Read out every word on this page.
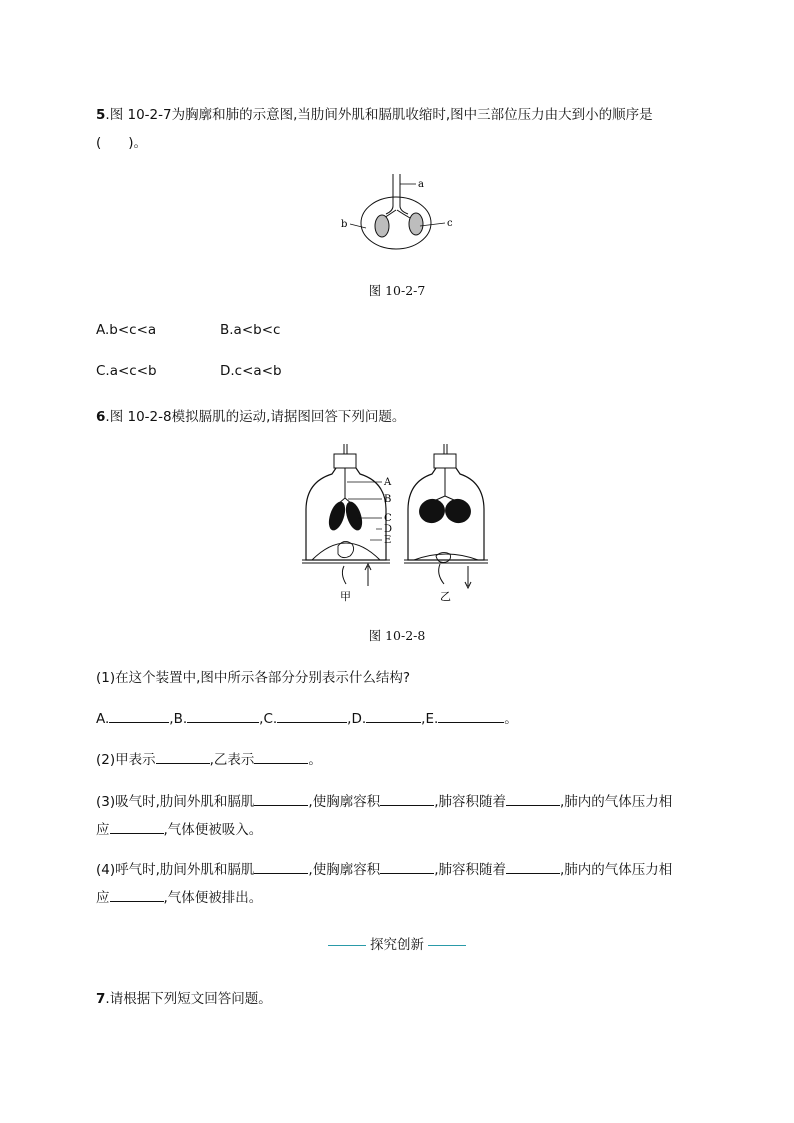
5.图 10-2-7为胸廓和肺的示意图,当肋间外肌和膈肌收缩时,图中三部位压力由大到小的顺序是
(　　)。
a
b	c
图 10-2-7
A.b<c<a	B.a<b<c
C.a<c<b	D.c<a<b
6.图 10-2-8模拟膈肌的运动,请据图回答下列问题。
甲
A
B
C
D
E
乙
图 10-2-8
(1)在这个装置中,图中所示各部分分别表示什么结构?
A.	,B.	,C.	,D.	,E.	。
(2)甲表示	,乙表示	。
(3)吸气时,肋间外肌和膈肌	,使胸廓容积	,肺容积随着	,肺内的气体压力相
应	,气体便被吸入。
(4)呼气时,肋间外肌和膈肌	,使胸廓容积	,肺容积随着	,肺内的气体压力相
应	,气体便被排出。
探究创新
7.请根据下列短文回答问题。
